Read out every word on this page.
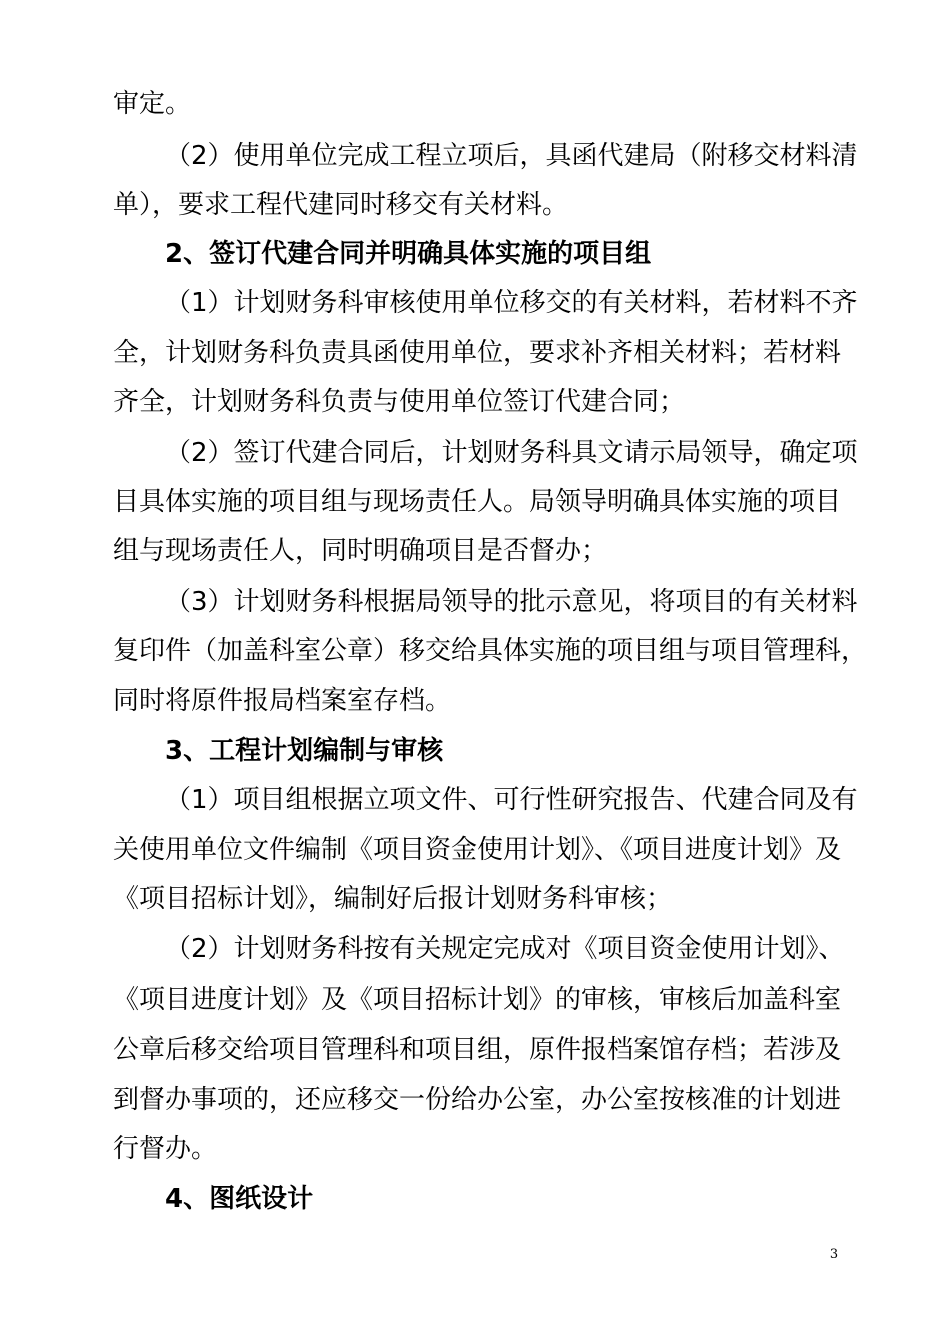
审定。
（2）使用单位完成工程立项后，具函代建局（附移交材料清
单），要求工程代建同时移交有关材料。
2、签订代建合同并明确具体实施的项目组
（1）计划财务科审核使用单位移交的有关材料，若材料不齐
全，计划财务科负责具函使用单位，要求补齐相关材料；若材料
齐全，计划财务科负责与使用单位签订代建合同；
（2）签订代建合同后，计划财务科具文请示局领导，确定项
目具体实施的项目组与现场责任人。局领导明确具体实施的项目
组与现场责任人，同时明确项目是否督办；
（3）计划财务科根据局领导的批示意见，将项目的有关材料
复印件（加盖科室公章）移交给具体实施的项目组与项目管理科，
同时将原件报局档案室存档。
3、工程计划编制与审核
（1）项目组根据立项文件、可行性研究报告、代建合同及有
关使用单位文件编制《项目资金使用计划》、《项目进度计划》及
《项目招标计划》，编制好后报计划财务科审核；
（2）计划财务科按有关规定完成对《项目资金使用计划》、
《项目进度计划》及《项目招标计划》的审核，审核后加盖科室
公章后移交给项目管理科和项目组，原件报档案馆存档；若涉及
到督办事项的，还应移交一份给办公室，办公室按核准的计划进
行督办。
4、图纸设计
3
